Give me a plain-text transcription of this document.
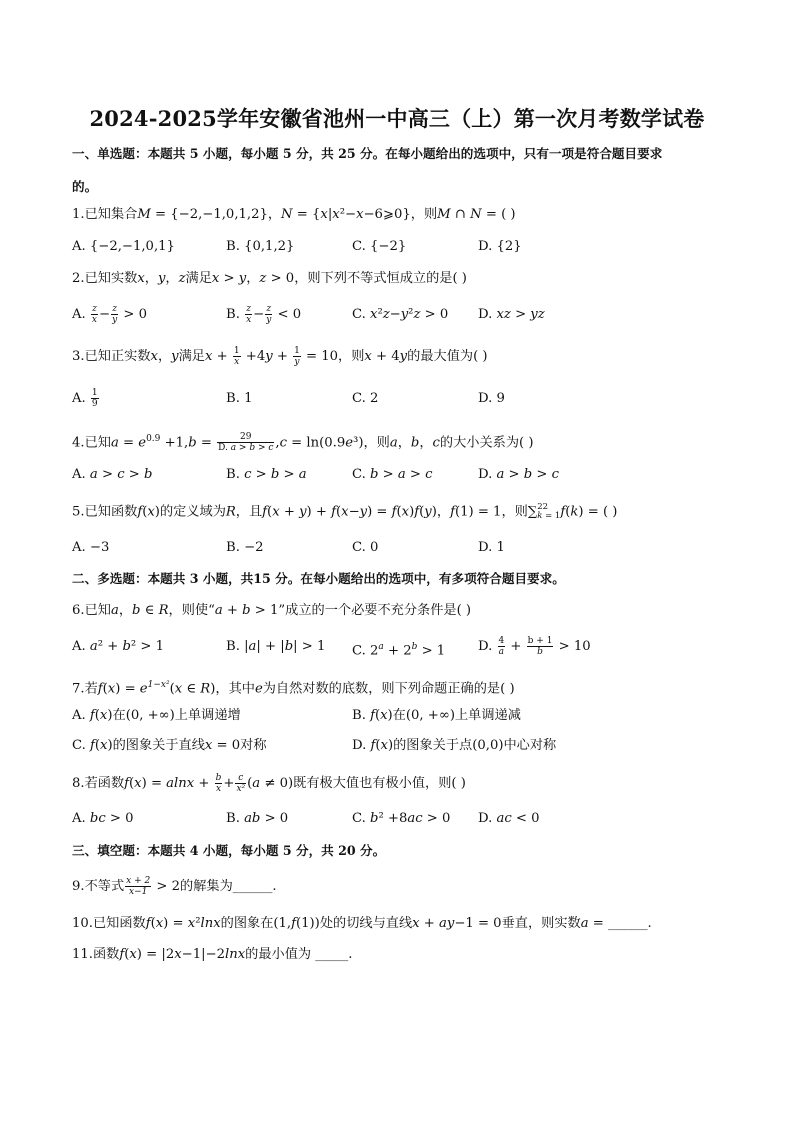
2024-2025学年安徽省池州一中高三（上）第一次月考数学试卷
一、单选题：本题共 5 小题，每小题 5 分，共 25 分。在每小题给出的选项中，只有一项是符合题目要求
的。
1.已知集合𝑀 = {−2,−1,0,1,2}，𝑁 = {𝑥|𝑥²−𝑥−6⩾0}，则𝑀 ∩ 𝑁 = ( )
A. {−2,−1,0,1}	B. {0,1,2}	C. {−2}	D. {2}
2.已知实数𝑥，𝑦，𝑧满足𝑥 > 𝑦，𝑧 > 0，则下列不等式恒成立的是( )
A. $\frac{z}{x} - \frac{z}{y} > 0$	B. $\frac{z}{x} - \frac{z}{y} < 0$	C. 𝑥²𝑧−𝑦²𝑧 > 0 D. 𝑥𝑧 > 𝑦𝑧
3.已知正实数𝑥，𝑦满足𝑥 + $\frac{1}{x}$ +4𝑦 + $\frac{1}{y} = 10$，则𝑥 + 4𝑦的最大值为( )
A. $\frac{1}{9}$	B. 1	C. 2	D. 9
4.已知𝑎 = 𝑒$^{0.9}$ +1,𝑏 = $\frac{29}{\text{D. 𝑎 > 𝑏 > 𝑐}}$ ,𝑐 = ln(0.9𝑒³)，则𝑎，𝑏，𝑐的大小关系为( )
A. 𝑎 > 𝑐 > 𝑏	B. 𝑐 > 𝑏 > 𝑎	C. 𝑏 > 𝑎 > 𝑐	D. 𝑎 > 𝑏 > 𝑐
5.已知函数𝑓(𝑥)的定义域为𝑅，且𝑓(𝑥 + 𝑦) + 𝑓(𝑥−𝑦) = 𝑓(𝑥)𝑓(𝑦)，𝑓(1) = 1，则∑ 22
𝑘 = 1 𝑓(𝑘) = ( )
A. −3	B. −2	C. 0	D. 1
二、多选题：本题共 3 小题，共15 分。在每小题给出的选项中，有多项符合题目要求。
6.已知𝑎，𝑏 ∈ 𝑅，则使“𝑎 + 𝑏 > 1”成立的一个必要不充分条件是( )
A. 𝑎² + 𝑏² > 1	B. |𝑎| + |𝑏| > 1 C. $2^a + 2^b > 1$ D. $\frac{4}{a} + \frac{b + 1}{b} > 10$
7.若𝑓(𝑥) = 𝑒$^{1-x^2}$(𝑥 ∈ 𝑅)，其中𝑒为自然对数的底数，则下列命题正确的是( )
A. 𝑓(𝑥)在(0, +∞)上单调递增	B. 𝑓(𝑥)在(0, +∞)上单调递减
C. 𝑓(𝑥)的图象关于直线𝑥 = 0对称	D. 𝑓(𝑥)的图象关于点(0,0)中心对称
8.若函数𝑓(𝑥) = 𝑎𝑙𝑛𝑥 + $\frac{b}{x} + \frac{c}{\text{x²}}$ (𝑎 ≠ 0)既有极大值也有极小值，则( )
A. 𝑏𝑐 > 0	B. 𝑎𝑏 > 0	C. 𝑏² +8𝑎𝑐 > 0 D. 𝑎𝑐 < 0
三、填空题：本题共 4 小题，每小题 5 分，共 20 分。
9.不等式 $\frac{x + 2}{x-1} > 2$的解集为______.
10.已知函数𝑓(𝑥) = 𝑥²𝑙𝑛𝑥的图象在(1,𝑓(1))处的切线与直线𝑥 + 𝑎𝑦−1 = 0垂直，则实数𝑎 = ______.
11.函数𝑓(𝑥) = |2𝑥−1|−2𝑙𝑛𝑥的最小值为 _____.
